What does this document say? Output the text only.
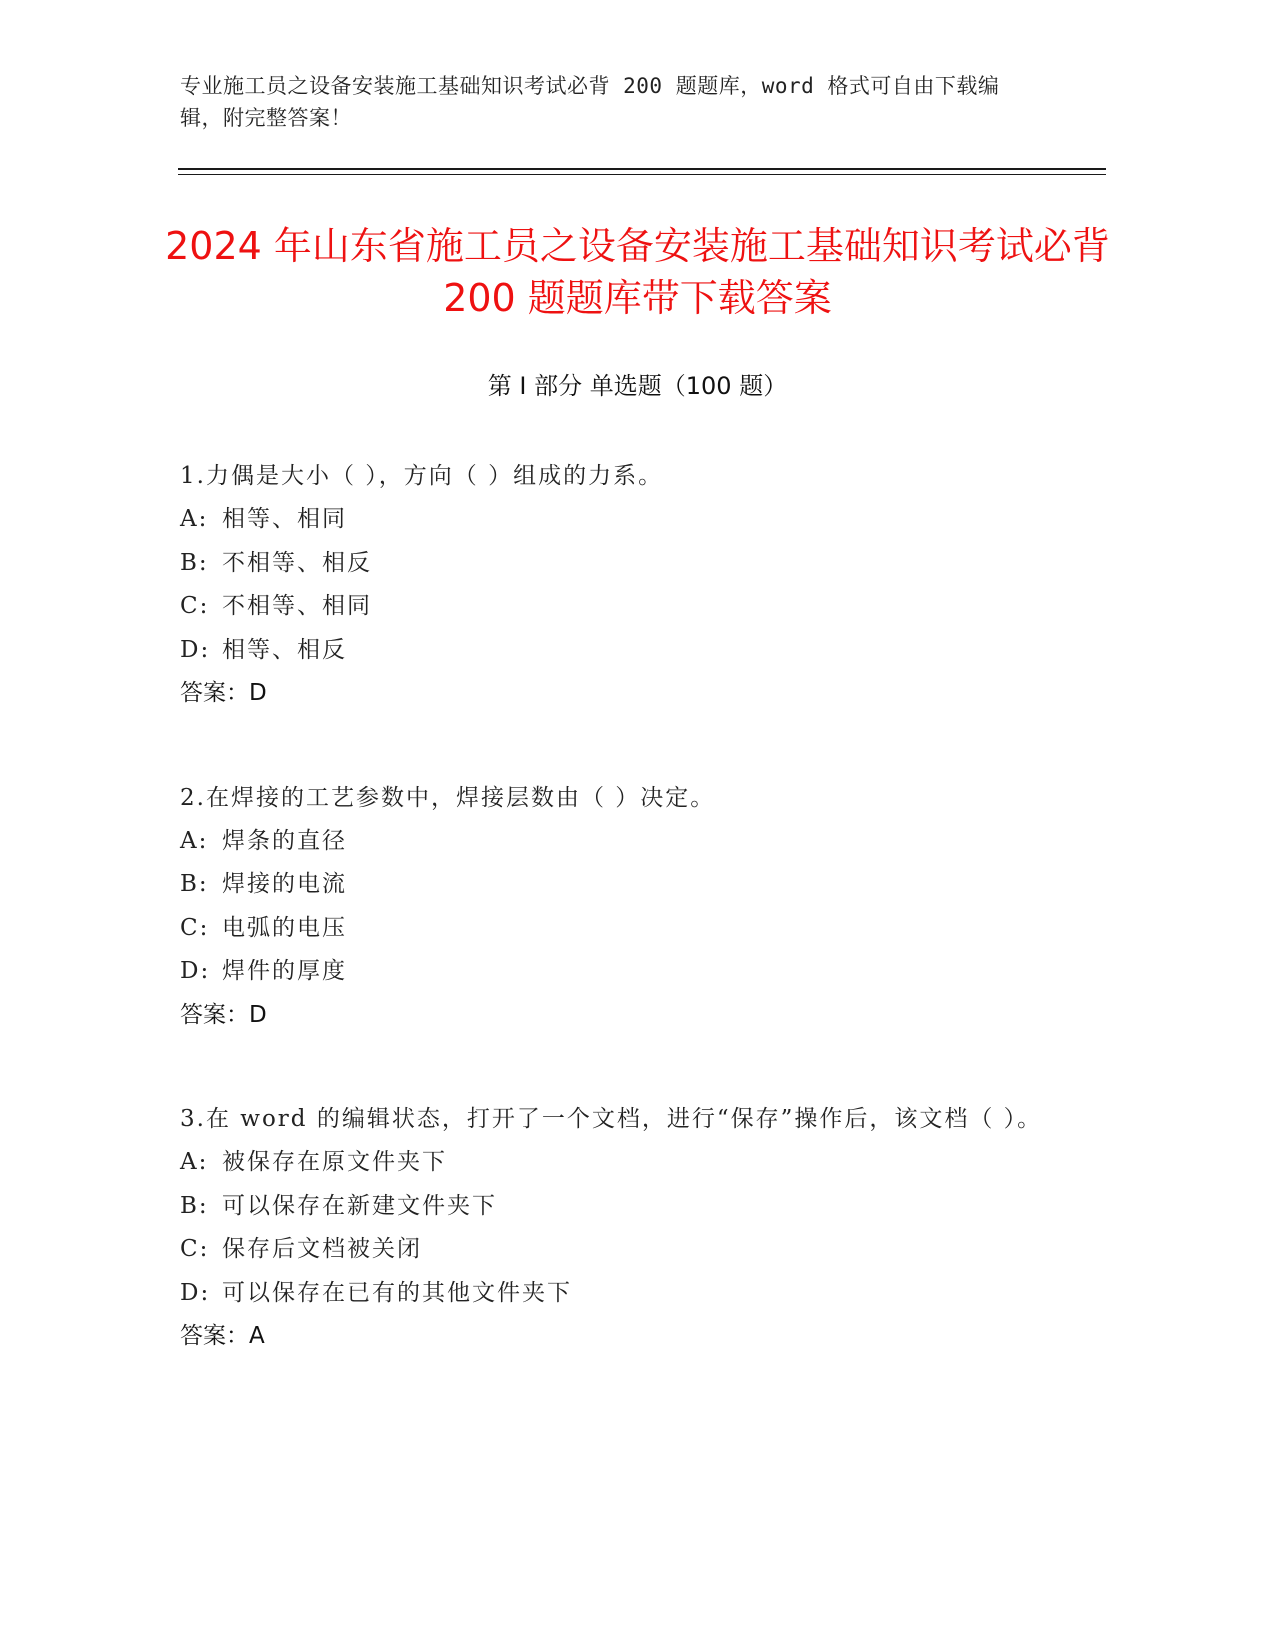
专业施工员之设备安装施工基础知识考试必背 200 题题库，word 格式可自由下载编辑，附完整答案！
2024 年山东省施工员之设备安装施工基础知识考试必背 200 题题库带下载答案
第 I 部分 单选题（100 题）

1.力偶是大小（ ），方向（ ）组成的力系。

A: 相等、相同

B: 不相等、相反

C: 不相等、相同

D: 相等、相反

答案：D

2.在焊接的工艺参数中，焊接层数由（ ）决定。

A: 焊条的直径

B: 焊接的电流

C: 电弧的电压

D: 焊件的厚度

答案：D

3.在 word 的编辑状态，打开了一个文档，进行“保存”操作后，该文档（ ）。

A: 被保存在原文件夹下

B: 可以保存在新建文件夹下

C: 保存后文档被关闭

D: 可以保存在已有的其他文件夹下

答案：A
